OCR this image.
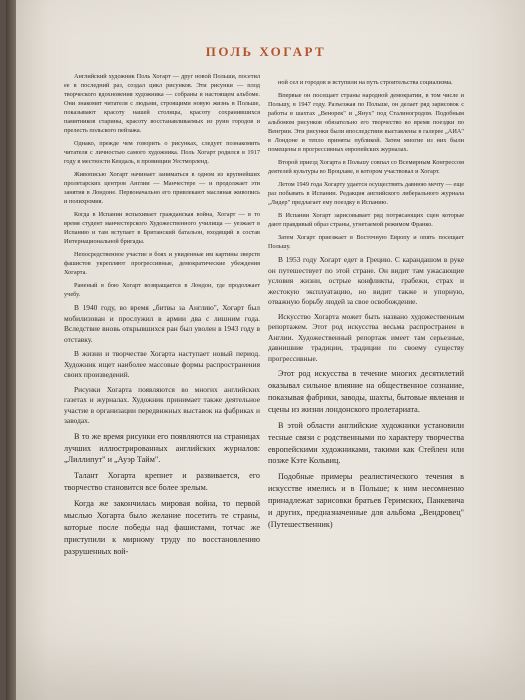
ПОЛЬ ХОГАРТ

Английский художник Поль Хогарт — друг новой Польши, посетил ее в последний раз, создал цикл рисунков. Эти рисунки — плод творческого вдохновения художника — собраны в настоящем альбоме. Они знакомят читателя с людьми, строящими новую жизнь в Польше, показывают красоту нашей столицы, красоту сохранившихся памятников старины, красоту восстанавливаемых из руин городов и прелесть польского пейзажа.

Однако, прежде чем говорить о рисунках, следует познакомить читателя с личностью самого художника. Поль Хогарт родился в 1917 году в местности Кендаль, в провинции Уестморленд.

Живописью Хогарт начинает заниматься в одном из крупнейших пролетарских центров Англии — Манчестере — и продолжает эти занятия в Лондоне. Первоначально его привлекают масляная живопись и полихромия.

Когда в Испании вспыхивает гражданская война, Хогарт — в то время студент манчестерского Художественного училища — уезжает в Испанию и там вступает в Британский батальон, входящий в состав Интернациональной бригады.

Непосредственное участие в боях и увиденные им картины зверств фашистов укрепляют прогрессивные, демократические убеждения Хогарта.

Раненый в бою Хогарт возвращается в Лондон, где продолжает учебу.

В 1940 году, во время „битвы за Англию", Хогарт был мобилизован и прослужил в армии два с лишним года. Вследствие вновь открывшихся ран был уволен в 1943 году в отставку.

В жизни и творчестве Хогарта наступает новый период. Художник ищет наиболее массовые формы распространения своих произведений.

Рисунки Хогарта появляются во многих английских газетах и журналах. Художник принимает также деятельное участие в организации передвижных выставок на фабриках и заводах.

В то же время рисунки его появляются на страницах лучших иллюстрированных английских журналов: „Лиллипут" и „Ауэр Тайм".

Талант Хогарта крепнет и развивается, его творчество становится все более зрелым.

Когда же закончилась мировая война, то первой мыслью Хогарта было желание посетить те страны, которые после победы над фашистами, тотчас же приступили к мирному труду по восстановлению разрушенных вой-

ной сел и городов и вступили на путь строительства социализма.

Впервые он посещает страны народной демократии, в том числе и Польшу, в 1947 году. Разъезжая по Польше, он делает ряд зарисовок с работы в шахтах „Венорек" и „Янух" под Сталиногродом. Подобным альбомом рисунков обязательно его творчество во время поездки по Венгрии. Эти рисунки были впоследствии выставлены в галерее „АИА" в Лондоне и тепло приняты публикой. Затем многие из них были помещены в прогрессивных европейских журналах.

Второй приезд Хогарта в Польшу совпал со Всемирным Конгрессом деятелей культуры во Вроцлаве, в котором участвовал и Хогарт.

Летом 1949 года Хогарту удается осуществить давнюю мечту — еще раз побывать в Испании. Редакция английского либерального журнала „Лидер" предлагает ему поездку в Испанию.

В Испании Хогарт зарисовывает ряд потрясающих сцен которые дают правдивый образ страны, угнетаемой режимом Франко.

Затем Хогарт приезжает в Восточную Европу и опять посещает Польшу.

В 1953 году Хогарт едет в Грецию. С карандашом в руке он путешествует по этой стране. Он видит там ужасающие условия жизни, острые конфликты, грабежи, страх и жестокую эксплуатацию, но видит также и упорную, отважную борьбу людей за свое освобождение.

Искусство Хогарта может быть названо художественным репортажем. Этот род искусства весьма распространен в Англии. Художественный репортаж имеет там серьезные, давнишние традиции, традиции по своему существу прогрессивные.

Этот род искусства в течение многих десятилетий оказывал сильное влияние на общественное сознание, показывая фабрики, заводы, шахты, бытовые явления и сцены из жизни лондонского пролетариата.

В этой области английские художники установили тесные связи с родственными по характеру творчества европейскими художниками, такими как Стейлен или позже Кэте Кольвиц.

Подобные примеры реалистического течения в искусстве имелись и в Польше; к ним несомненно принадлежат зарисовки братьев Геримских, Панкевича и других, предназначенные для альбома „Вендровец" (Путешественник)
